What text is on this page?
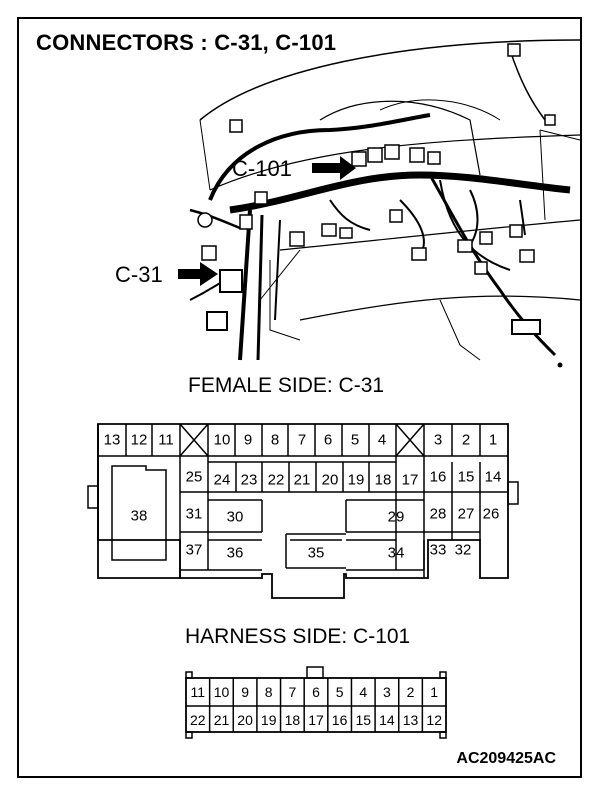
13 12 11	10 9 8 7 6 5 4	3 2 1
25 24 23 22 21 20 19 18 17 16 15 14
38	31 30	29 28 27 26
37 36	35	34 33 32
11 10 9 8 7 6 5 4 3 2 1
22 21 20 19 18 17 16 15 14 13 12
CONNECTORS : C-31, C-101
C-101
C-31
FEMALE SIDE: C-31
HARNESS SIDE: C-101
AC209425AC
